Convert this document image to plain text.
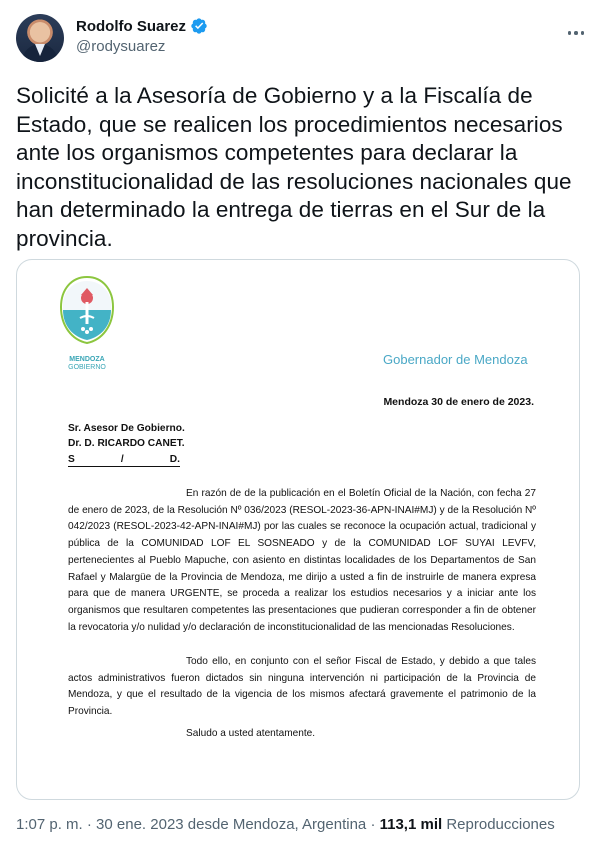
Rodolfo Suarez
@rodysuarez
Solicité a la Asesoría de Gobierno y a la Fiscalía de Estado, que se realicen los procedimientos necesarios ante los organismos competentes para declarar la inconstitucionalidad de las resoluciones nacionales que han determinado la entrega de tierras en el Sur de la provincia.
MENDOZA
GOBIERNO
Gobernador de Mendoza
Mendoza 30 de enero de 2023.
Sr. Asesor De Gobierno.
Dr. D. RICARDO CANET.
S	/	D.
En razón de de la publicación en el Boletín Oficial de la Nación, con fecha 27 de enero de 2023, de la Resolución Nº 036/2023 (RESOL-2023-36-APN-INAI#MJ) y de la Resolución Nº 042/2023 (RESOL-2023-42-APN-INAI#MJ) por las cuales se reconoce la ocupación actual, tradicional y pública de la COMUNIDAD LOF EL SOSNEADO y de la COMUNIDAD LOF SUYAI LEVFV, pertenecientes al Pueblo Mapuche, con asiento en distintas localidades de los Departamentos de San Rafael y Malargüe de la Provincia de Mendoza, me dirijo a usted a fin de instruirle de manera expresa para que de manera URGENTE, se proceda a realizar los estudios necesarios y a iniciar ante los organismos que resultaren competentes las presentaciones que pudieran corresponder a fin de obtener la revocatoria y/o nulidad y/o declaración de inconstitucionalidad de las mencionadas Resoluciones.
Todo ello, en conjunto con el señor Fiscal de Estado, y debido a que tales actos administrativos fueron dictados sin ninguna intervención ni participación de la Provincia de Mendoza, y que el resultado de la vigencia de los mismos afectará gravemente el patrimonio de la Provincia.
Saludo a usted atentamente.
1:07 p. m. · 30 ene. 2023 desde Mendoza, Argentina · 113,1 mil Reproducciones
